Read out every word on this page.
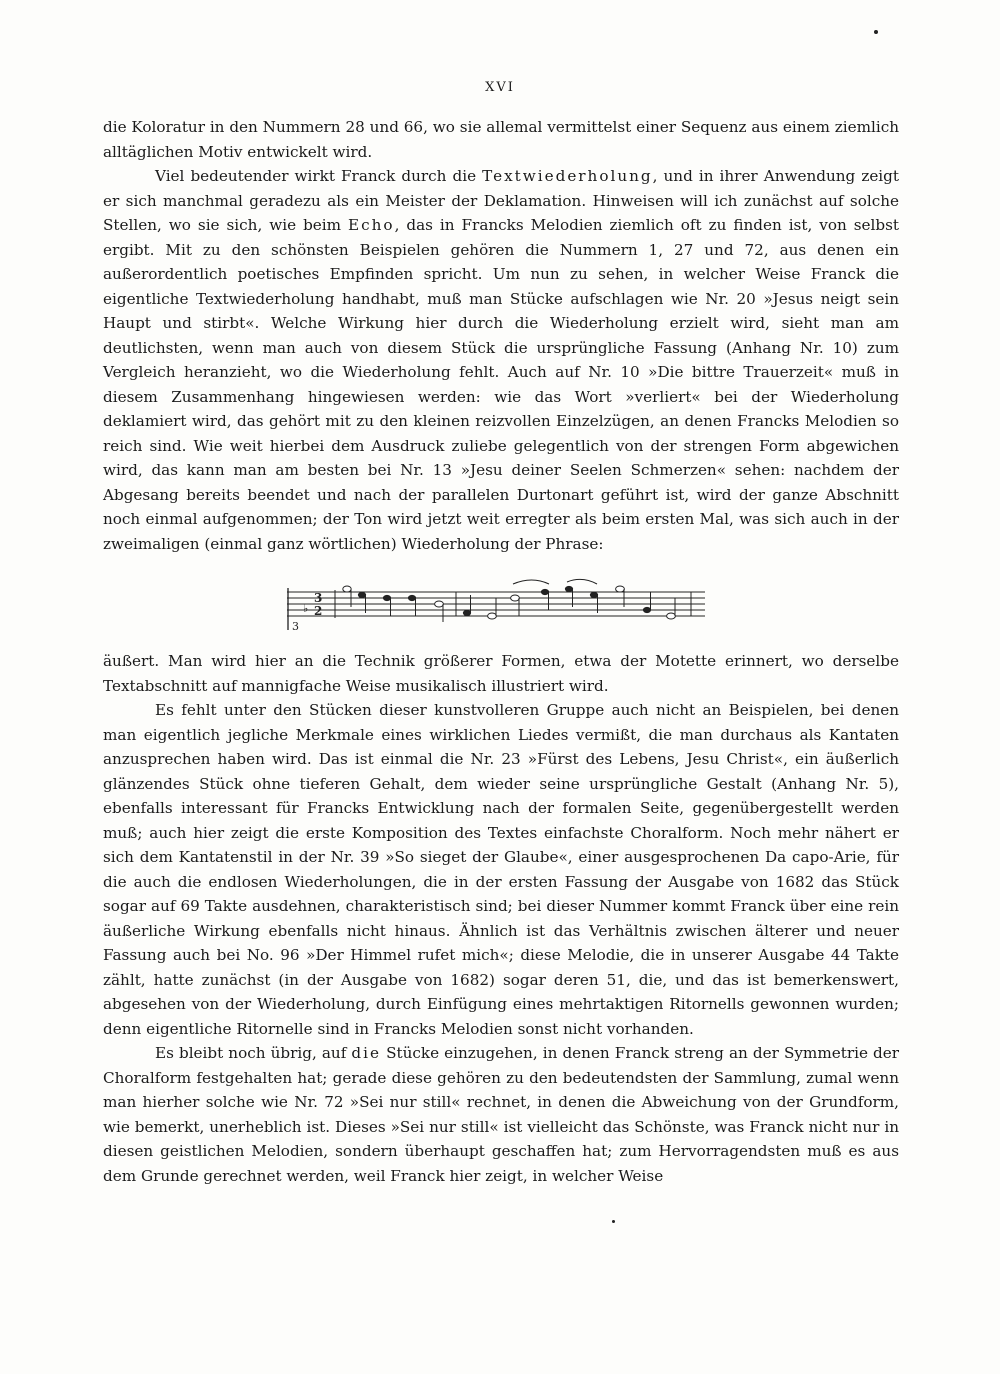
XVI

die Koloratur in den Nummern 28 und 66, wo sie allemal vermittelst einer Sequenz aus einem ziemlich alltäglichen Motiv entwickelt wird.

Viel bedeutender wirkt Franck durch die Textwiederholung, und in ihrer Anwendung zeigt er sich manchmal geradezu als ein Meister der Deklamation. Hinweisen will ich zunächst auf solche Stellen, wo sie sich, wie beim Echo, das in Francks Melodien ziemlich oft zu finden ist, von selbst ergibt. Mit zu den schönsten Beispielen gehören die Nummern 1, 27 und 72, aus denen ein außerordentlich poetisches Empfinden spricht. Um nun zu sehen, in welcher Weise Franck die eigentliche Textwiederholung handhabt, muß man Stücke aufschlagen wie Nr. 20 »Jesus neigt sein Haupt und stirbt«. Welche Wirkung hier durch die Wiederholung erzielt wird, sieht man am deutlichsten, wenn man auch von diesem Stück die ursprüngliche Fassung (Anhang Nr. 10) zum Vergleich heranzieht, wo die Wiederholung fehlt. Auch auf Nr. 10 »Die bittre Trauerzeit« muß in diesem Zusammenhang hingewiesen werden: wie das Wort »verliert« bei der Wiederholung deklamiert wird, das gehört mit zu den kleinen reizvollen Einzelzügen, an denen Francks Melodien so reich sind. Wie weit hierbei dem Ausdruck zuliebe gelegentlich von der strengen Form abgewichen wird, das kann man am besten bei Nr. 13 »Jesu deiner Seelen Schmerzen« sehen: nachdem der Abgesang bereits beendet und nach der parallelen Durtonart geführt ist, wird der ganze Abschnitt noch einmal aufgenommen; der Ton wird jetzt weit erregter als beim ersten Mal, was sich auch in der zweimaligen (einmal ganz wörtlichen) Wiederholung der Phrase:

3
♭
3
2

äußert. Man wird hier an die Technik größerer Formen, etwa der Motette erinnert, wo derselbe Textabschnitt auf mannigfache Weise musikalisch illustriert wird.

Es fehlt unter den Stücken dieser kunstvolleren Gruppe auch nicht an Beispielen, bei denen man eigentlich jegliche Merkmale eines wirklichen Liedes vermißt, die man durchaus als Kantaten anzusprechen haben wird. Das ist einmal die Nr. 23 »Fürst des Lebens, Jesu Christ«, ein äußerlich glänzendes Stück ohne tieferen Gehalt, dem wieder seine ursprüngliche Gestalt (Anhang Nr. 5), ebenfalls interessant für Francks Entwicklung nach der formalen Seite, gegenübergestellt werden muß; auch hier zeigt die erste Komposition des Textes einfachste Choralform. Noch mehr nähert er sich dem Kantatenstil in der Nr. 39 »So sieget der Glaube«, einer ausgesprochenen Da capo-Arie, für die auch die endlosen Wiederholungen, die in der ersten Fassung der Ausgabe von 1682 das Stück sogar auf 69 Takte ausdehnen, charakteristisch sind; bei dieser Nummer kommt Franck über eine rein äußerliche Wirkung ebenfalls nicht hinaus. Ähnlich ist das Verhältnis zwischen älterer und neuer Fassung auch bei No. 96 »Der Himmel rufet mich«; diese Melodie, die in unserer Ausgabe 44 Takte zählt, hatte zunächst (in der Ausgabe von 1682) sogar deren 51, die, und das ist bemerkenswert, abgesehen von der Wiederholung, durch Einfügung eines mehrtaktigen Ritornells gewonnen wurden; denn eigentliche Ritornelle sind in Francks Melodien sonst nicht vorhanden.

Es bleibt noch übrig, auf die Stücke einzugehen, in denen Franck streng an der Symmetrie der Choralform festgehalten hat; gerade diese gehören zu den bedeutendsten der Sammlung, zumal wenn man hierher solche wie Nr. 72 »Sei nur still« rechnet, in denen die Abweichung von der Grundform, wie bemerkt, unerheblich ist. Dieses »Sei nur still« ist vielleicht das Schönste, was Franck nicht nur in diesen geistlichen Melodien, sondern überhaupt geschaffen hat; zum Hervorragendsten muß es aus dem Grunde gerechnet werden, weil Franck hier zeigt, in welcher Weise
